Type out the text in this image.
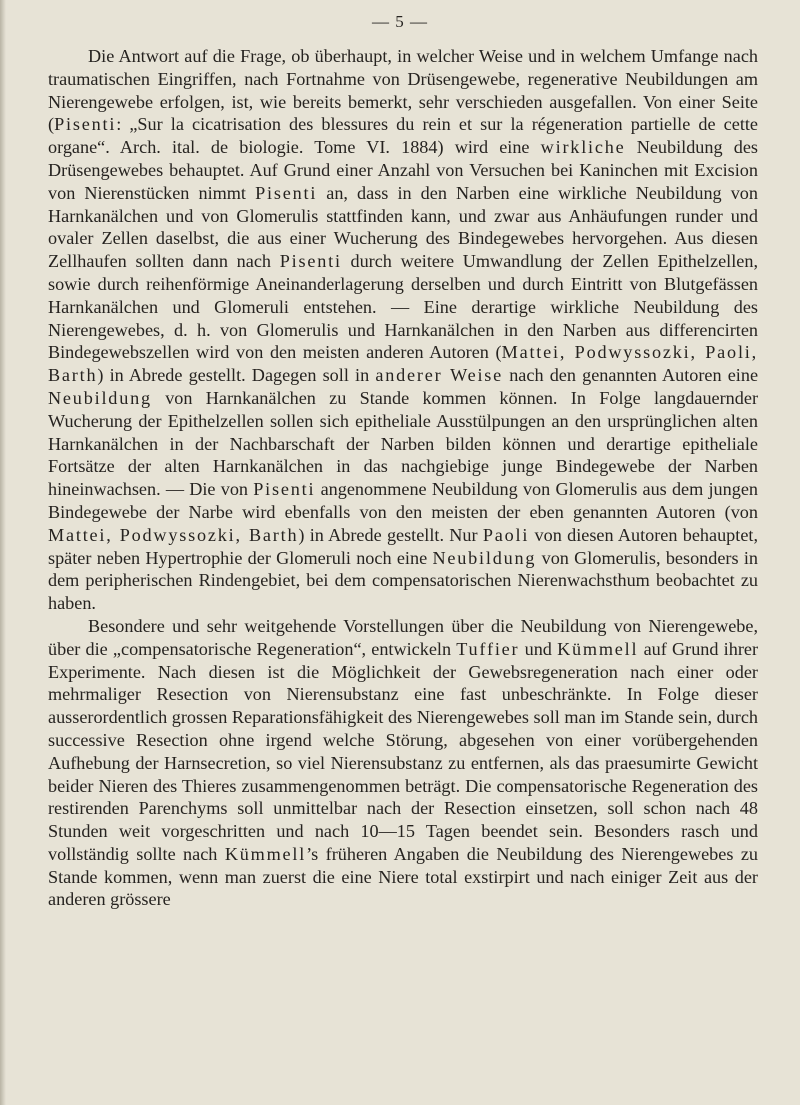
— 5 —

Die Antwort auf die Frage, ob überhaupt, in welcher Weise und in welchem Umfange nach traumatischen Eingriffen, nach Fortnahme von Drüsengewebe, regenerative Neubildungen am Nierengewebe erfolgen, ist, wie bereits bemerkt, sehr verschieden ausgefallen. Von einer Seite (Pisenti: „Sur la cicatrisation des blessures du rein et sur la régeneration partielle de cette organe“. Arch. ital. de biologie. Tome VI. 1884) wird eine wirkliche Neubildung des Drüsengewebes behauptet. Auf Grund einer Anzahl von Versuchen bei Kaninchen mit Excision von Nierenstücken nimmt Pisenti an, dass in den Narben eine wirkliche Neubildung von Harnkanälchen und von Glomerulis stattfinden kann, und zwar aus Anhäufungen runder und ovaler Zellen daselbst, die aus einer Wucherung des Bindegewebes hervorgehen. Aus diesen Zellhaufen sollten dann nach Pisenti durch weitere Umwandlung der Zellen Epithelzellen, sowie durch reihenförmige Aneinanderlagerung derselben und durch Eintritt von Blutgefässen Harnkanälchen und Glomeruli entstehen. — Eine derartige wirkliche Neubildung des Nierengewebes, d. h. von Glomerulis und Harnkanälchen in den Narben aus differencirten Bindegewebszellen wird von den meisten anderen Autoren (Mattei, Podwyssozki, Paoli, Barth) in Abrede gestellt. Dagegen soll in anderer Weise nach den genannten Autoren eine Neubildung von Harnkanälchen zu Stande kommen können. In Folge langdauernder Wucherung der Epithelzellen sollen sich epitheliale Ausstülpungen an den ursprünglichen alten Harnkanälchen in der Nachbarschaft der Narben bilden können und derartige epitheliale Fortsätze der alten Harnkanälchen in das nachgiebige junge Bindegewebe der Narben hineinwachsen. — Die von Pisenti angenommene Neubildung von Glomerulis aus dem jungen Bindegewebe der Narbe wird ebenfalls von den meisten der eben genannten Autoren (von Mattei, Podwyssozki, Barth) in Abrede gestellt. Nur Paoli von diesen Autoren behauptet, später neben Hypertrophie der Glomeruli noch eine Neubildung von Glomerulis, besonders in dem peripherischen Rindengebiet, bei dem compensatorischen Nierenwachsthum beobachtet zu haben.

Besondere und sehr weitgehende Vorstellungen über die Neubildung von Nierengewebe, über die „compensatorische Regeneration“, entwickeln Tuffier und Kümmell auf Grund ihrer Experimente. Nach diesen ist die Möglichkeit der Gewebsregeneration nach einer oder mehrmaliger Resection von Nierensubstanz eine fast unbeschränkte. In Folge dieser ausserordentlich grossen Reparationsfähigkeit des Nierengewebes soll man im Stande sein, durch successive Resection ohne irgend welche Störung, abgesehen von einer vorübergehenden Aufhebung der Harnsecretion, so viel Nierensubstanz zu entfernen, als das praesumirte Gewicht beider Nieren des Thieres zusammengenommen beträgt. Die compensatorische Regeneration des restirenden Parenchyms soll unmittelbar nach der Resection einsetzen, soll schon nach 48 Stunden weit vorgeschritten und nach 10—15 Tagen beendet sein. Besonders rasch und vollständig sollte nach Kümmell’s früheren Angaben die Neubildung des Nierengewebes zu Stande kommen, wenn man zuerst die eine Niere total exstirpirt und nach einiger Zeit aus der anderen grössere
